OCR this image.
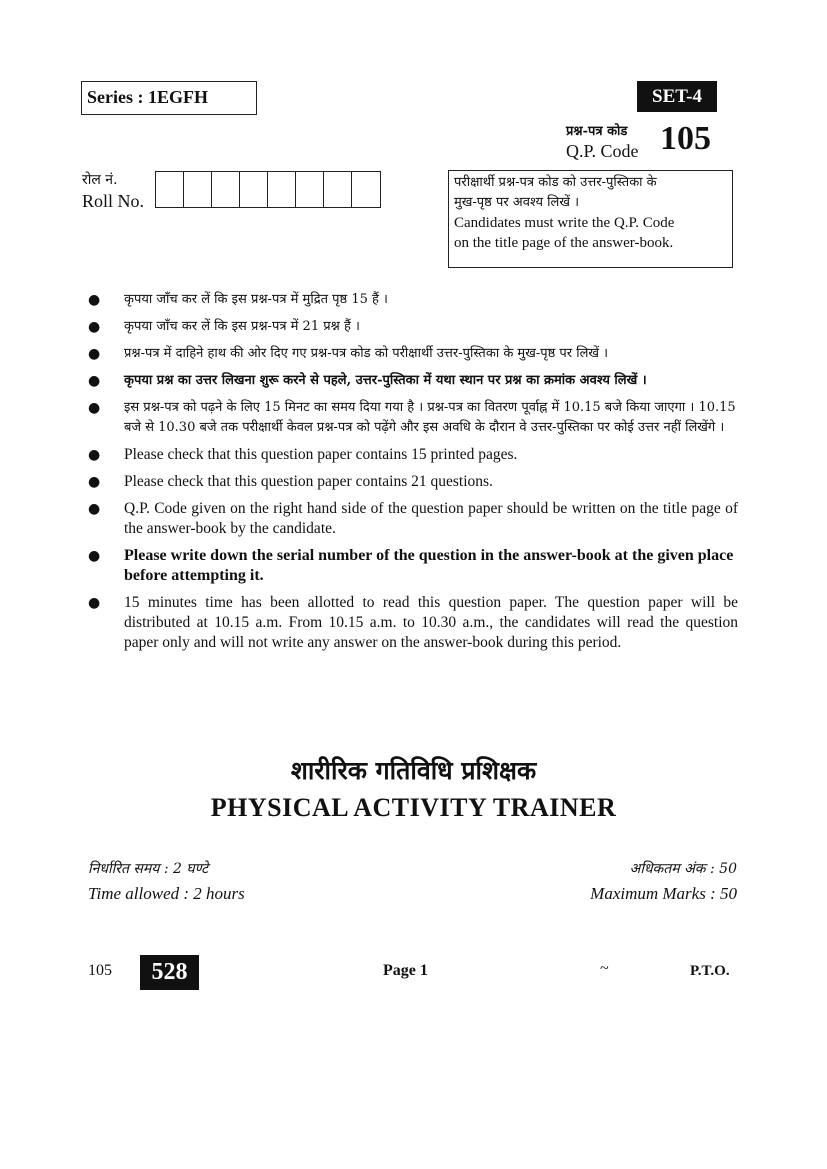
Series : 1EGFH	SET-4
प्रश्न-पत्र कोड
Q.P. Code 105
रोल नं.
Roll No.
परीक्षार्थी प्रश्न-पत्र कोड को उत्तर-पुस्तिका के
मुख-पृष्ठ पर अवश्य लिखें ।
Candidates must write the Q.P. Code
on the title page of the answer-book.
● कृपया जाँच कर लें कि इस प्रश्न-पत्र में मुद्रित पृष्ठ 15 हैं ।
● कृपया जाँच कर लें कि इस प्रश्न-पत्र में 21 प्रश्न हैं ।
● प्रश्न-पत्र में दाहिने हाथ की ओर दिए गए प्रश्न-पत्र कोड को परीक्षार्थी उत्तर-पुस्तिका के मुख-पृष्ठ पर लिखें ।
● कृपया प्रश्न का उत्तर लिखना शुरू करने से पहले, उत्तर-पुस्तिका में यथा स्थान पर प्रश्न का क्रमांक अवश्य लिखें ।
● इस प्रश्न-पत्र को पढ़ने के लिए 15 मिनट का समय दिया गया है । प्रश्न-पत्र का वितरण पूर्वाह्न में 10.15 बजे किया जाएगा । 10.15 बजे से 10.30 बजे तक परीक्षार्थी केवल प्रश्न-पत्र को पढ़ेंगे और इस अवधि के दौरान वे उत्तर-पुस्तिका पर कोई उत्तर नहीं लिखेंगे ।
● Please check that this question paper contains 15 printed pages.
● Please check that this question paper contains 21 questions.
● Q.P. Code given on the right hand side of the question paper should be written on the title page of the answer-book by the candidate.
● Please write down the serial number of the question in the answer-book at the given place before attempting it.
● 15 minutes time has been allotted to read this question paper. The question paper will be distributed at 10.15 a.m. From 10.15 a.m. to 10.30 a.m., the candidates will read the question paper only and will not write any answer on the answer-book during this period.
शारीरिक गतिविधि प्रशिक्षक
PHYSICAL ACTIVITY TRAINER
निर्धारित समय : 2 घण्टे
Time allowed : 2 hours
अधिकतम अंक : 50
Maximum Marks : 50
105	528	Page 1	~	P.T.O.
